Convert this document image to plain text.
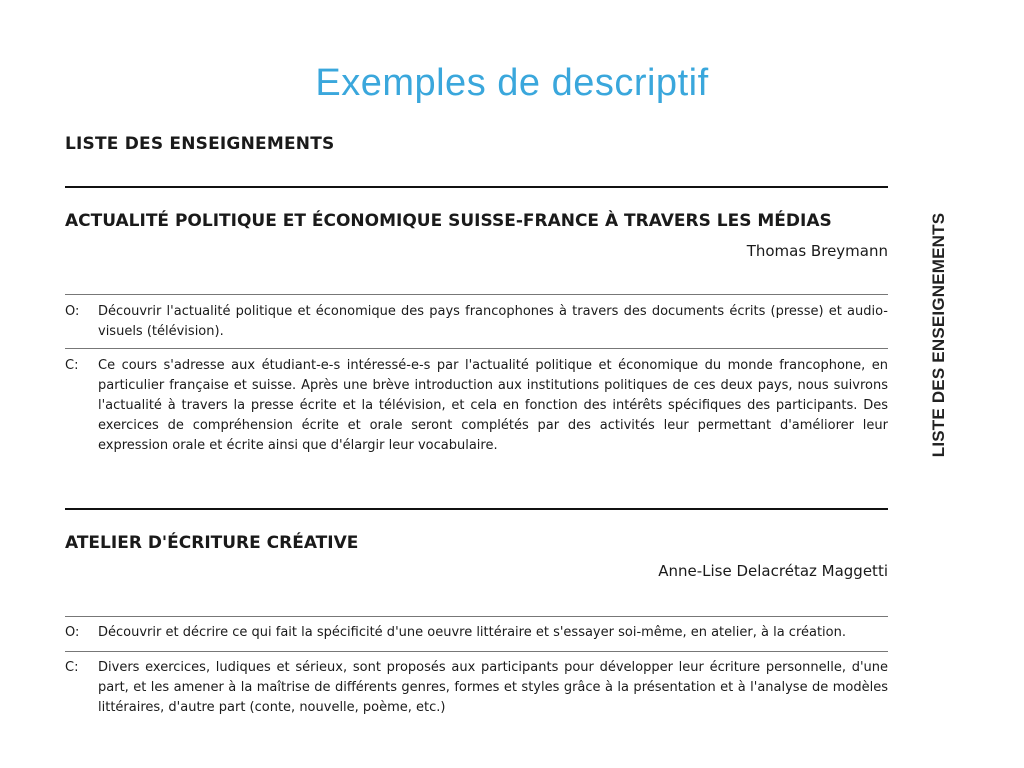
Exemples de descriptif
LISTE DES ENSEIGNEMENTS
LISTE DES ENSEIGNEMENTS
ACTUALITÉ POLITIQUE ET ÉCONOMIQUE SUISSE-FRANCE À TRAVERS LES MÉDIAS

Thomas Breymann

O:	Découvrir l'actualité politique et économique des pays francophones à travers des documents écrits (presse) et audio-visuels (télévision).
C:	Ce cours s'adresse aux étudiant-e-s intéressé-e-s par l'actualité politique et économique du monde francophone, en particulier française et suisse. Après une brève introduction aux institutions politiques de ces deux pays, nous suivrons l'actualité à travers la presse écrite et la télévision, et cela en fonction des intérêts spécifiques des participants. Des exercices de compréhension écrite et orale seront complétés par des activités leur permettant d'améliorer leur expression orale et écrite ainsi que d'élargir leur vocabulaire.
ATELIER D'ÉCRITURE CRÉATIVE

Anne-Lise Delacrétaz Maggetti

O:	Découvrir et décrire ce qui fait la spécificité d'une oeuvre littéraire et s'essayer soi-même, en atelier, à la création.
C:	Divers exercices, ludiques et sérieux, sont proposés aux participants pour développer leur écriture personnelle, d'une part, et les amener à la maîtrise de différents genres, formes et styles grâce à la présentation et à l'analyse de modèles littéraires, d'autre part (conte, nouvelle, poème, etc.)
